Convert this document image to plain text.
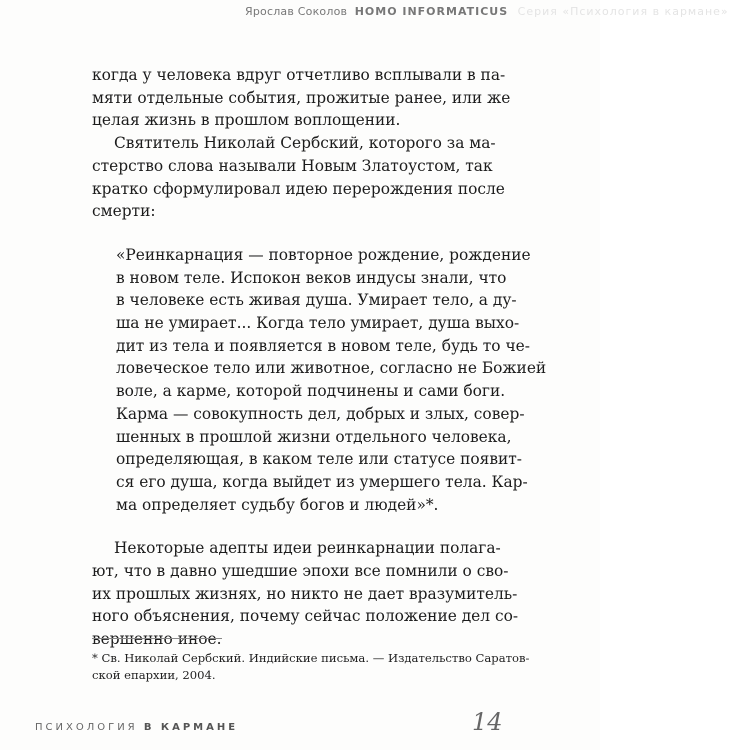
Ярослав Соколов HOMO INFORMATICUS Серия «Психология в кармане»
когда у человека вдруг отчетливо всплывали в па-
мяти отдельные события, прожитые ранее, или же
целая жизнь в прошлом воплощении.
Святитель Николай Сербский, которого за ма-
стерство слова называли Новым Златоустом, так
кратко сформулировал идею перерождения после
смерти:
«Реинкарнация — повторное рождение, рождение
в новом теле. Испокон веков индусы знали, что
в человеке есть живая душа. Умирает тело, а ду-
ша не умирает... Когда тело умирает, душа выхо-
дит из тела и появляется в новом теле, будь то че-
ловеческое тело или животное, согласно не Божией
воле, а карме, которой подчинены и сами боги.
Карма — совокупность дел, добрых и злых, совер-
шенных в прошлой жизни отдельного человека,
определяющая, в каком теле или статусе появит-
ся его душа, когда выйдет из умершего тела. Кар-
ма определяет судьбу богов и людей»*.
Некоторые адепты идеи реинкарнации полага-
ют, что в давно ушедшие эпохи все помнили о сво-
их прошлых жизнях, но никто не дает вразумитель-
ного объяснения, почему сейчас положение дел со-
вершенно иное.
* Св. Николай Сербский. Индийские письма. — Издательство Саратов-
ской епархии, 2004.
ПСИХОЛОГИЯ В КАРМАНЕ	14
